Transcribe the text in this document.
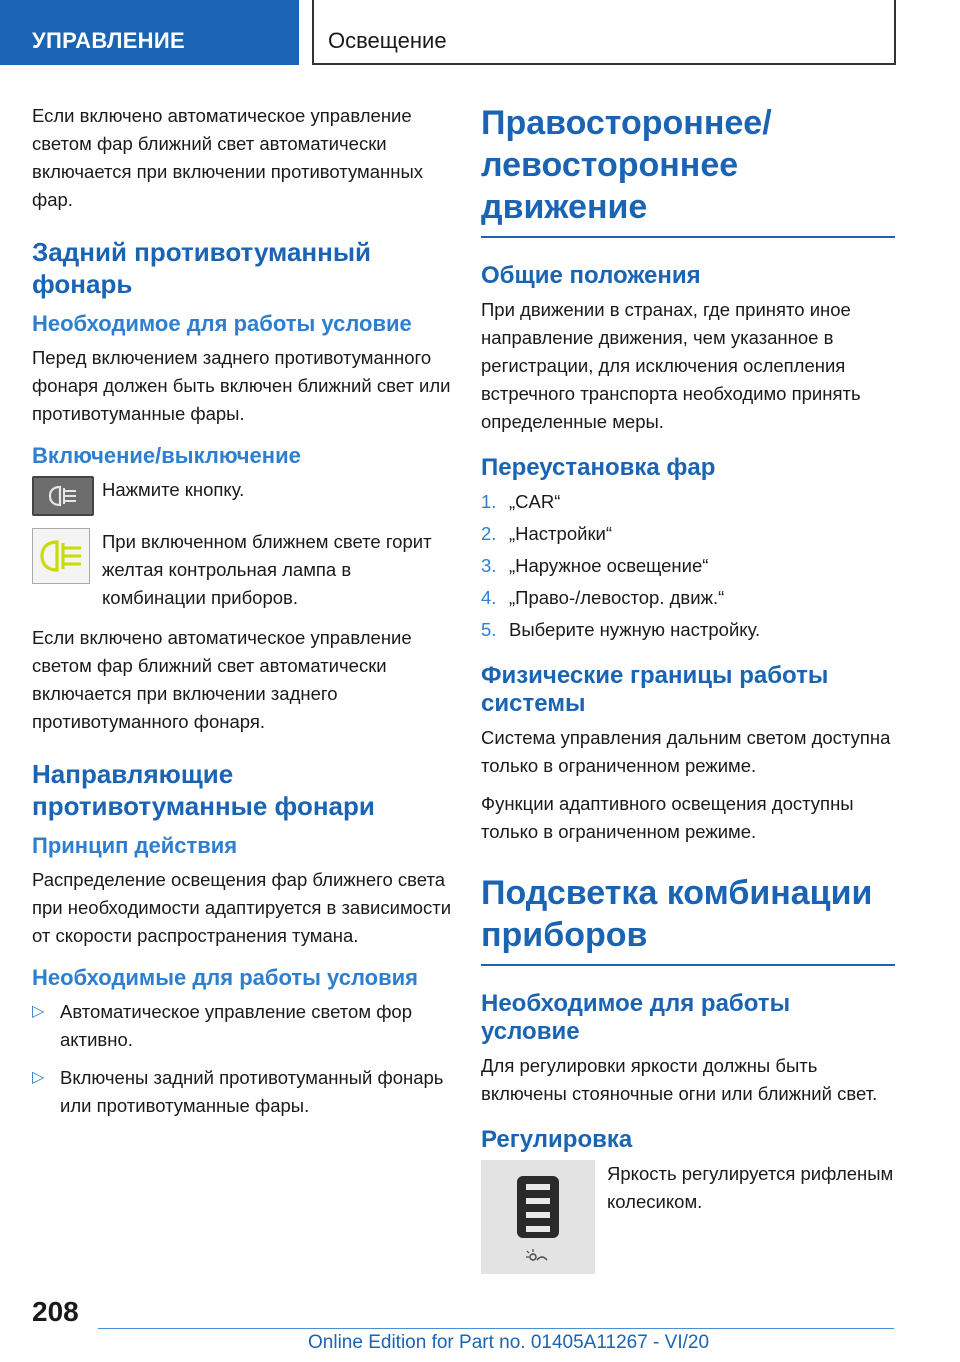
УПРАВЛЕНИЕ	Освещение

Если включено автоматическое управление светом фар ближний свет автоматически включается при включении противотуманных фар.

Задний противотуманный фонарь
Необходимое для работы условие

Перед включением заднего противотуманного фонаря должен быть включен ближний свет или противотуманные фары.

Включение/выключение

Нажмите кнопку.

При включенном ближнем свете горит желтая контрольная лампа в комбинации приборов.

Если включено автоматическое управление светом фар ближний свет автоматически включается при включении заднего противотуманного фонаря.

Направляющие противотуманные фонари
Принцип действия

Распределение освещения фар ближнего света при необходимости адаптируется в зависимости от скорости распространения тумана.

Необходимые для работы условия
▷ Автоматическое управление светом фор активно.
▷ Включены задний противотуманный фонарь или противотуманные фары.
Правостороннее/ левостороннее движение
Общие положения

При движении в странах, где принято иное направление движения, чем указанное в регистрации, для исключения ослепления встречного транспорта необходимо принять определенные меры.

Переустановка фар
1. „CAR“
2. „Настройки“
3. „Наружное освещение“
4. „Право-/левостор. движ.“
5. Выберите нужную настройку.
Физические границы работы системы

Система управления дальним светом доступна только в ограниченном режиме.

Функции адаптивного освещения доступны только в ограниченном режиме.

Подсветка комбинации приборов
Необходимое для работы условие

Для регулировки яркости должны быть включены стояночные огни или ближний свет.

Регулировка

Яркость регулируется рифленым колесиком.

208
Online Edition for Part no. 01405A11267 - VI/20
